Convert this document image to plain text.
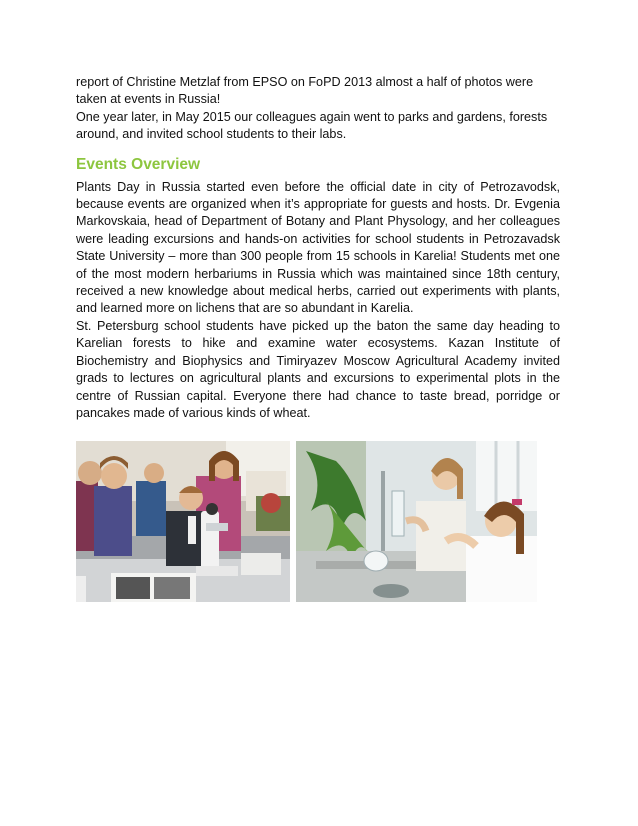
report of Christine Metzlaf from EPSO on FoPD 2013 almost a half of photos were taken at events in Russia!

One year later, in May 2015 our colleagues again went to parks and gardens, forests around, and invited school students to their labs.

Events Overview

Plants Day in Russia started even before the official date in city of Petrozavodsk, because events are organized when it’s appropriate for guests and hosts. Dr. Evgenia Markovskaia, head of Department of Botany and Plant Physology, and her colleagues were leading excursions and hands-on activities for school students in Petrozavadsk State University – more than 300 people from 15 schools in Karelia! Students met one of the most modern herbariums in Russia which was maintained since 18th century, received a new knowledge about medical herbs, carried out experiments with plants, and learned more on lichens that are so abundant in Karelia.

St. Petersburg school students have picked up the baton the same day heading to Karelian forests to hike and examine water ecosystems. Kazan Institute of Biochemistry and Biophysics and Timiryazev Moscow Agricultural Academy invited grads to lectures on agricultural plants and excursions to experimental plots in the centre of Russian capital. Everyone there had chance to taste bread, porridge or pancakes made of various kinds of wheat.
